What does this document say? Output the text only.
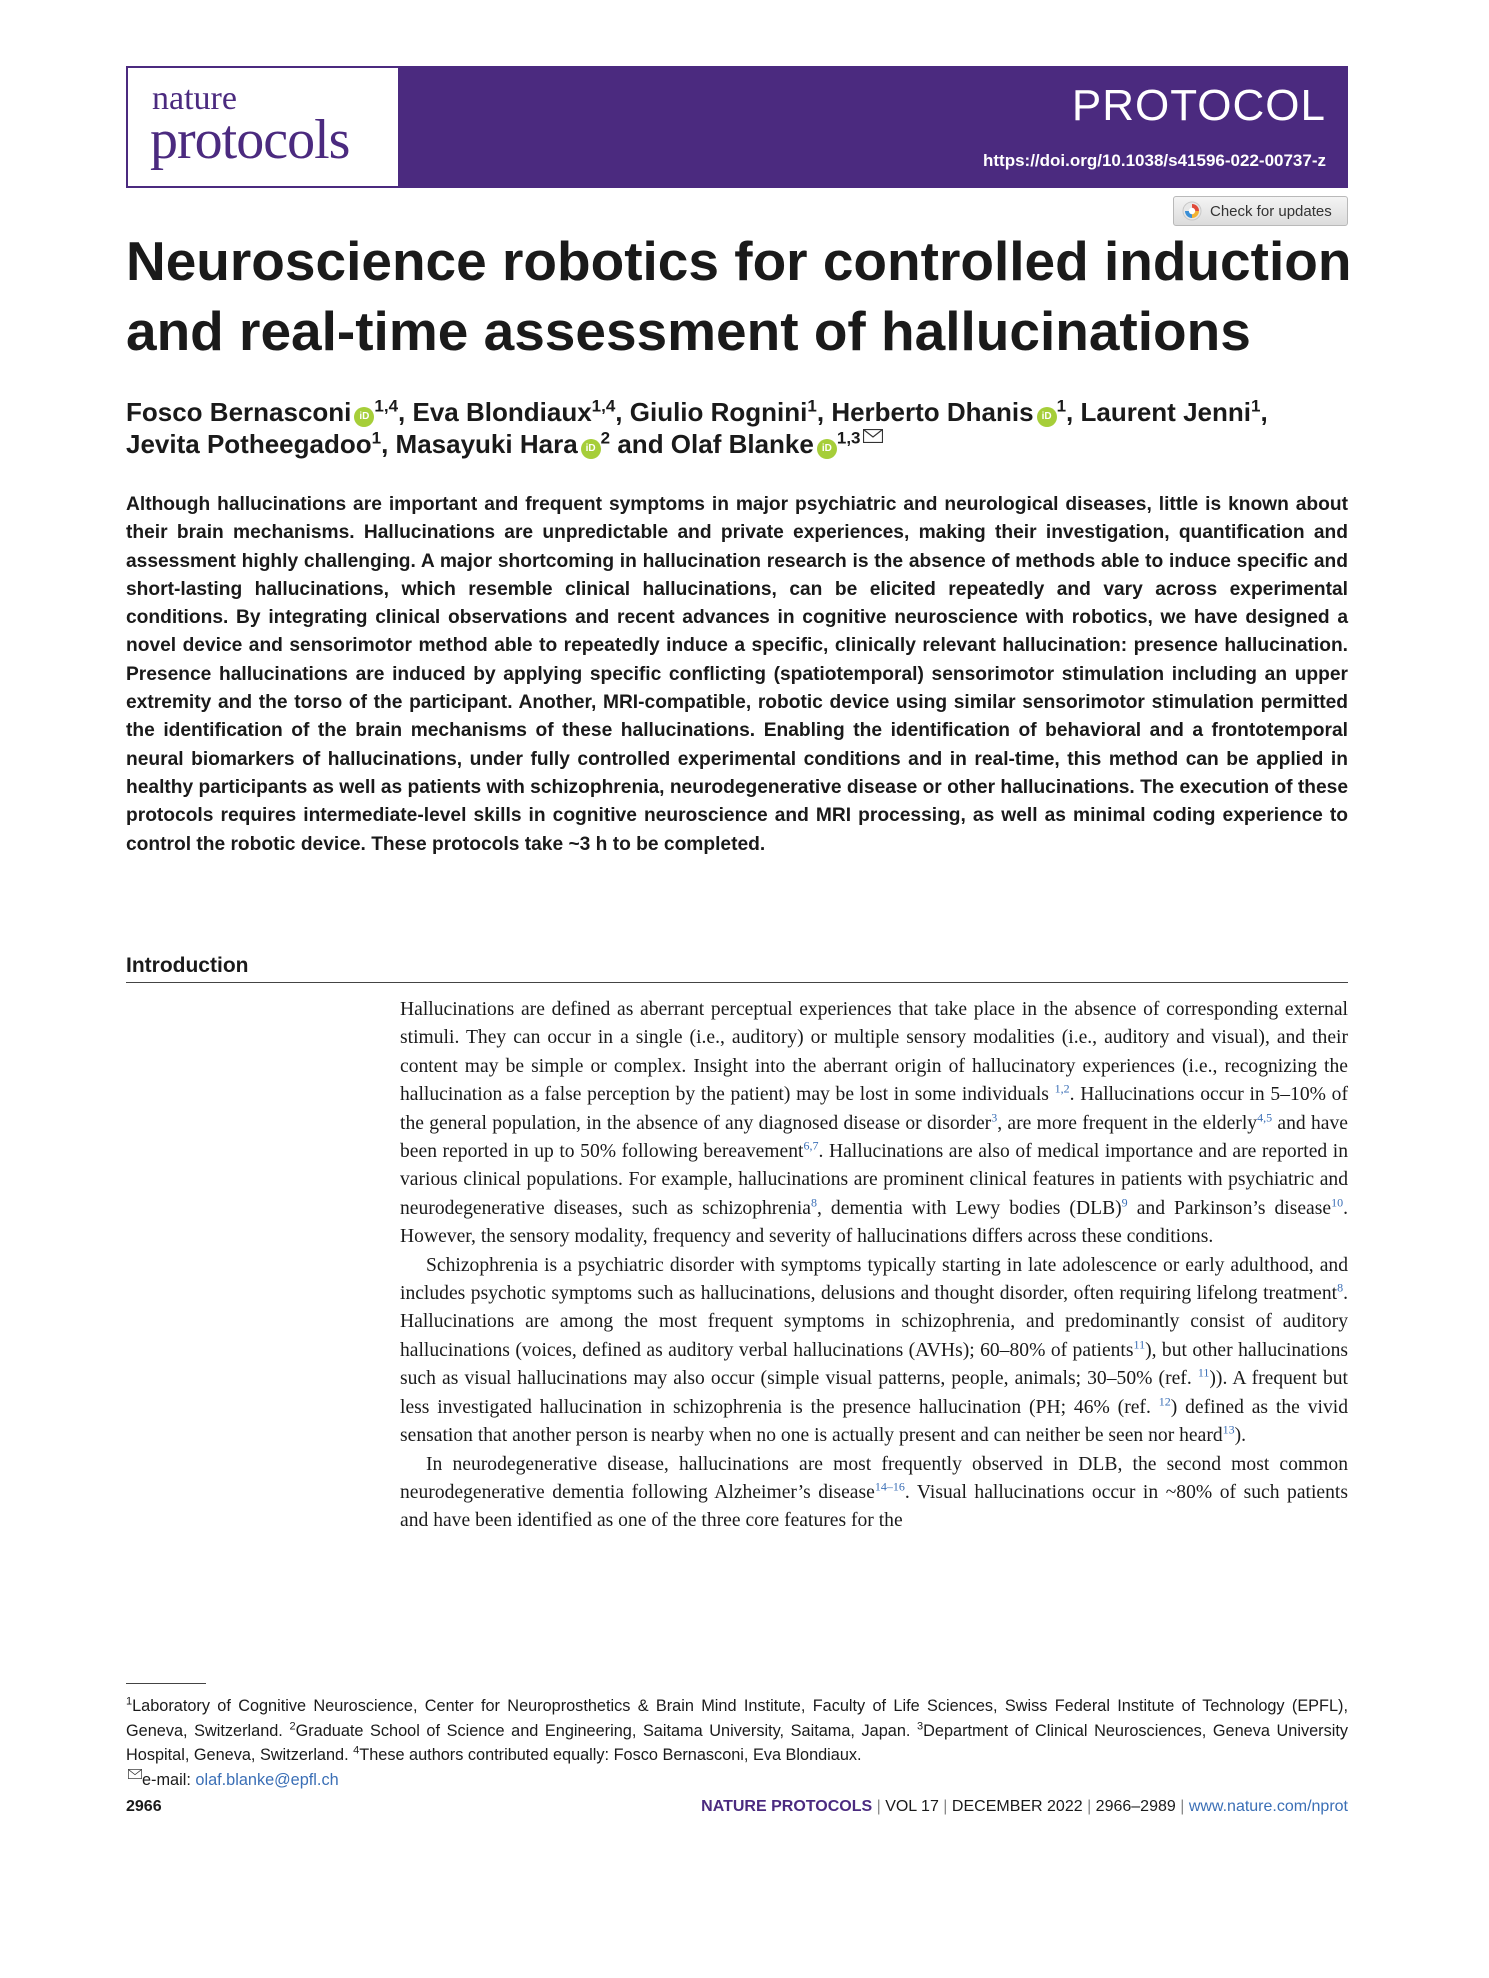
nature
protocols
PROTOCOL
https://doi.org/10.1038/s41596-022-00737-z
Check for updates
Neuroscience robotics for controlled induction and real-time assessment of hallucinations

Fosco Bernasconi iD$^{1,4}$, Eva Blondiaux$^{1,4}$, Giulio Rognini$^1$, Herberto Dhanis $iD^1$, Laurent Jenni$^1$,
Jevita Potheegadoo$^1$, Masayuki Hara $iD^2$ and Olaf Blanke iD$^{1,3}$

Although hallucinations are important and frequent symptoms in major psychiatric and neurological diseases, little is known about their brain mechanisms. Hallucinations are unpredictable and private experiences, making their investigation, quantification and assessment highly challenging. A major shortcoming in hallucination research is the absence of methods able to induce specific and short-lasting hallucinations, which resemble clinical hallucinations, can be elicited repeatedly and vary across experimental conditions. By integrating clinical observations and recent advances in cognitive neuroscience with robotics, we have designed a novel device and sensorimotor method able to repeatedly induce a specific, clinically relevant hallucination: presence hallucination. Presence hallucinations are induced by applying specific conflicting (spatiotemporal) sensorimotor stimulation including an upper extremity and the torso of the participant. Another, MRI-compatible, robotic device using similar sensorimotor stimulation permitted the identification of the brain mechanisms of these hallucinations. Enabling the identification of behavioral and a frontotemporal neural biomarkers of hallucinations, under fully controlled experimental conditions and in real-time, this method can be applied in healthy participants as well as patients with schizophrenia, neurodegenerative disease or other hallucinations. The execution of these protocols requires intermediate-level skills in cognitive neuroscience and MRI processing, as well as minimal coding experience to control the robotic device. These protocols take ~3 h to be completed.

Introduction

Hallucinations are defined as aberrant perceptual experiences that take place in the absence of corresponding external stimuli. They can occur in a single (i.e., auditory) or multiple sensory modalities (i.e., auditory and visual), and their content may be simple or complex. Insight into the aberrant origin of hallucinatory experiences (i.e., recognizing the hallucination as a false perception by the patient) may be lost in some individuals $^{1,2}$. Hallucinations occur in 5–10% of the general population, in the absence of any diagnosed disease or disorder$^3$, are more frequent in the elderly$^{4,5}$ and have been reported in up to 50% following bereavement$^{6,7}$. Hallucinations are also of medical importance and are reported in various clinical populations. For example, hallucinations are prominent clinical features in patients with psychiatric and neurodegenerative diseases, such as schizophrenia$^8$, dementia with Lewy bodies (DLB)$^9$ and Parkinson’s disease$^{10}$. However, the sensory modality, frequency and severity of hallucinations differs across these conditions.

Schizophrenia is a psychiatric disorder with symptoms typically starting in late adolescence or early adulthood, and includes psychotic symptoms such as hallucinations, delusions and thought disorder, often requiring lifelong treatment$^8$. Hallucinations are among the most frequent symptoms in schizophrenia, and predominantly consist of auditory hallucinations (voices, defined as auditory verbal hallucinations (AVHs); 60–80% of patients$^{11}$), but other hallucinations such as visual hallucinations may also occur (simple visual patterns, people, animals; 30–50% (ref. $^{11}$)). A frequent but less investigated hallucination in schizophrenia is the presence hallucination (PH; 46% (ref. $^{12}$) defined as the vivid sensation that another person is nearby when no one is actually present and can neither be seen nor heard$^{13}$).

In neurodegenerative disease, hallucinations are most frequently observed in DLB, the second most common neurodegenerative dementia following Alzheimer’s disease$^{14-16}$. Visual hallucinations occur in ~80% of such patients and have been identified as one of the three core features for the

$^1$Laboratory of Cognitive Neuroscience, Center for Neuroprosthetics & Brain Mind Institute, Faculty of Life Sciences, Swiss Federal Institute of Technology (EPFL), Geneva, Switzerland. $^2$Graduate School of Science and Engineering, Saitama University, Saitama, Japan. $^3$Department of Clinical Neurosciences, Geneva University Hospital, Geneva, Switzerland. $^4$These authors contributed equally: Fosco Bernasconi, Eva Blondiaux.
e-mail: olaf.blanke@epfl.ch

2966	NATURE PROTOCOLS | VOL 17 | DECEMBER 2022 | 2966–2989 | www.nature.com/nprot
